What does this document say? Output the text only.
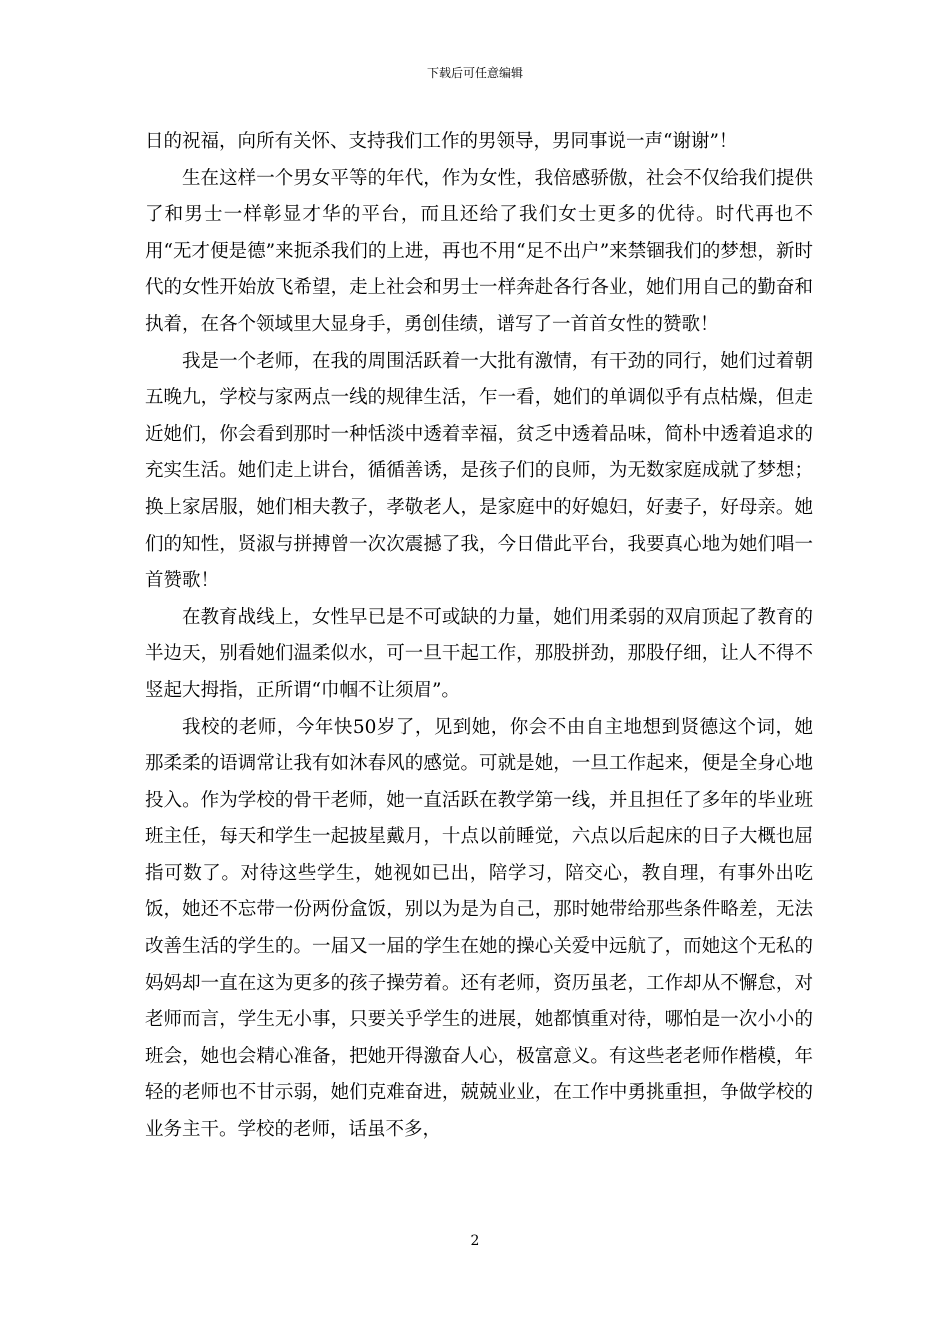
下载后可任意编辑

日的祝福，向所有关怀、支持我们工作的男领导，男同事说一声“谢谢”！

生在这样一个男女平等的年代，作为女性，我倍感骄傲，社会不仅给我们提供了和男士一样彰显才华的平台，而且还给了我们女士更多的优待。时代再也不用“无才便是德”来扼杀我们的上进，再也不用“足不出户”来禁锢我们的梦想，新时代的女性开始放飞希望，走上社会和男士一样奔赴各行各业，她们用自己的勤奋和执着，在各个领域里大显身手，勇创佳绩，谱写了一首首女性的赞歌！

我是一个老师，在我的周围活跃着一大批有激情，有干劲的同行，她们过着朝五晚九，学校与家两点一线的规律生活，乍一看，她们的单调似乎有点枯燥，但走近她们，你会看到那时一种恬淡中透着幸福，贫乏中透着品味，简朴中透着追求的充实生活。她们走上讲台，循循善诱，是孩子们的良师，为无数家庭成就了梦想；换上家居服，她们相夫教子，孝敬老人，是家庭中的好媳妇，好妻子，好母亲。她们的知性，贤淑与拼搏曾一次次震撼了我，今日借此平台，我要真心地为她们唱一首赞歌！

在教育战线上，女性早已是不可或缺的力量，她们用柔弱的双肩顶起了教育的半边天，别看她们温柔似水，可一旦干起工作，那股拼劲，那股仔细，让人不得不竖起大拇指，正所谓“巾帼不让须眉”。

我校的老师，今年快50岁了，见到她，你会不由自主地想到贤德这个词，她那柔柔的语调常让我有如沐春风的感觉。可就是她，一旦工作起来，便是全身心地投入。作为学校的骨干老师，她一直活跃在教学第一线，并且担任了多年的毕业班班主任，每天和学生一起披星戴月，十点以前睡觉，六点以后起床的日子大概也屈指可数了。对待这些学生，她视如已出，陪学习，陪交心，教自理，有事外出吃饭，她还不忘带一份两份盒饭，别以为是为自己，那时她带给那些条件略差，无法改善生活的学生的。一届又一届的学生在她的操心关爱中远航了，而她这个无私的妈妈却一直在这为更多的孩子操劳着。还有老师，资历虽老，工作却从不懈怠，对老师而言，学生无小事，只要关乎学生的进展，她都慎重对待，哪怕是一次小小的班会，她也会精心准备，把她开得激奋人心，极富意义。有这些老老师作楷模，年轻的老师也不甘示弱，她们克难奋进，兢兢业业，在工作中勇挑重担，争做学校的业务主干。学校的老师，话虽不多，

2
